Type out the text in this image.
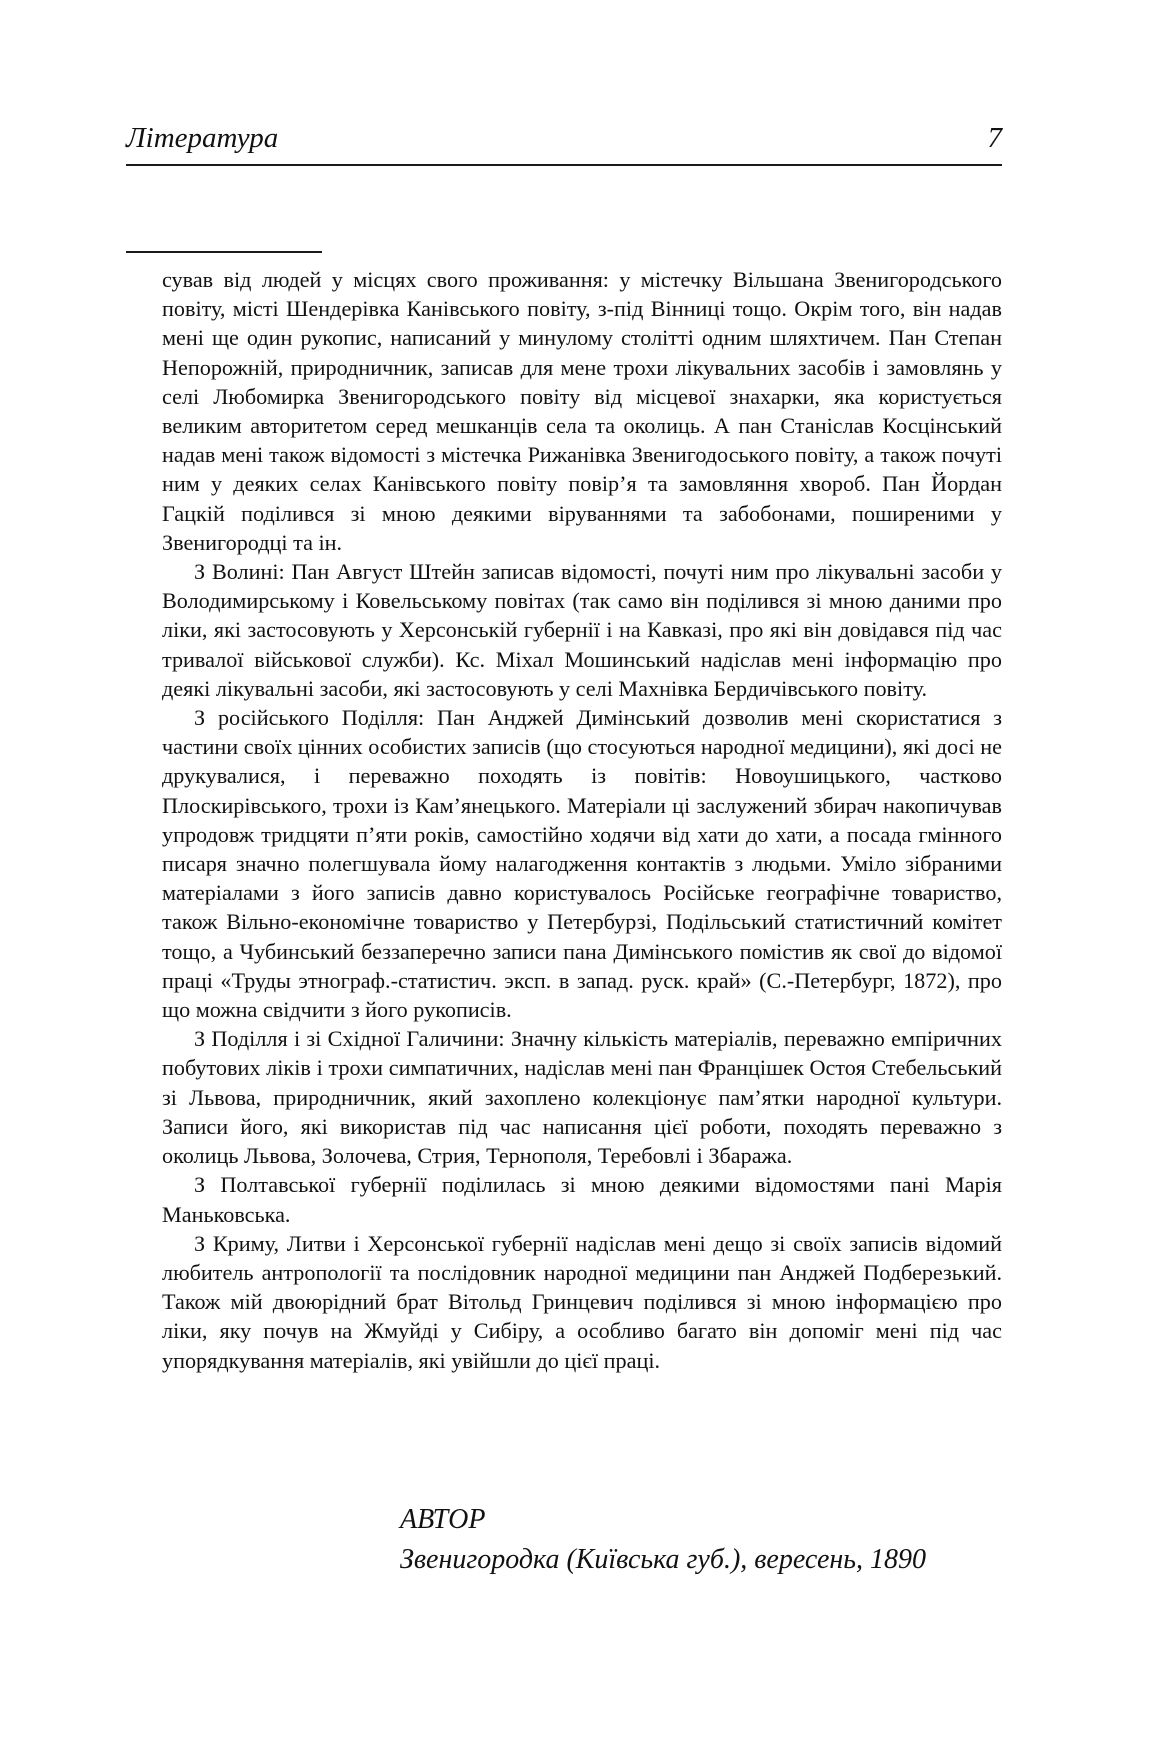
Література	7

сував від людей у місцях свого проживання: у містечку Вільшана Звенигородського повіту, місті Шендерівка Канівського повіту, з-під Вінниці тощо. Окрім того, він надав мені ще один рукопис, написаний у минулому столітті одним шляхтичем. Пан Степан Непорожній, природничник, записав для мене трохи лікувальних засобів і замовлянь у селі Любомирка Звенигородського повіту від місцевої знахарки, яка користується великим авторитетом серед мешканців села та околиць. А пан Станіслав Косцінський надав мені також відомості з містечка Рижанівка Звенигодоського повіту, а також почуті ним у деяких селах Канівського повіту повір’я та замовляння хвороб. Пан Йордан Гацкій поділився зі мною деякими віруваннями та забобонами, поширеними у Звенигородці та ін.

З Волині: Пан Август Штейн записав відомості, почуті ним про лікувальні засоби у Володимирському і Ковельському повітах (так само він поділився зі мною даними про ліки, які застосовують у Херсонській губернії і на Кавказі, про які він довідався під час тривалої військової служби). Кс. Міхал Мошинський надіслав мені інформацію про деякі лікувальні засоби, які застосовують у селі Махнівка Бердичівського повіту.

З російського Поділля: Пан Анджей Димінський дозволив мені скористатися з частини своїх цінних особистих записів (що стосуються народної медицини), які досі не друкувалися, і переважно походять із повітів: Новоушицького, частково Плоскирівського, трохи із Кам’янецького. Матеріали ці заслужений збирач накопичував упродовж тридцяти п’яти років, самостійно ходячи від хати до хати, а посада гмінного писаря значно полегшувала йому налагодження контактів з людьми. Уміло зібраними матеріалами з його записів давно користувалось Російське географічне товариство, також Вільно-економічне товариство у Петербурзі, Подільський статистичний комітет тощо, а Чубинський беззаперечно записи пана Димінського помістив як свої до відомої праці «Труды этнограф.-статистич. эксп. в запад. руск. край» (С.-Петербург, 1872), про що можна свідчити з його рукописів.

З Поділля і зі Східної Галичини: Значну кількість матеріалів, переважно емпіричних побутових ліків і трохи симпатичних, надіслав мені пан Францішек Остоя Стебельський зі Львова, природничник, який захоплено колекціонує пам’ятки народної культури. Записи його, які використав під час написання цієї роботи, походять переважно з околиць Львова, Золочева, Стрия, Тернополя, Теребовлі і Збаража.

З Полтавської губернії поділилась зі мною деякими відомостями пані Марія Маньковська.

З Криму, Литви і Херсонської губернії надіслав мені дещо зі своїх записів відомий любитель антропології та послідовник народної медицини пан Анджей Подберезький. Також мій двоюрідний брат Вітольд Гринцевич поділився зі мною інформацією про ліки, яку почув на Жмуйді у Сибіру, а особливо багато він допоміг мені під час упорядкування матеріалів, які увійшли до цієї праці.

АВТОР
Звенигородка (Київська губ.), вересень, 1890
